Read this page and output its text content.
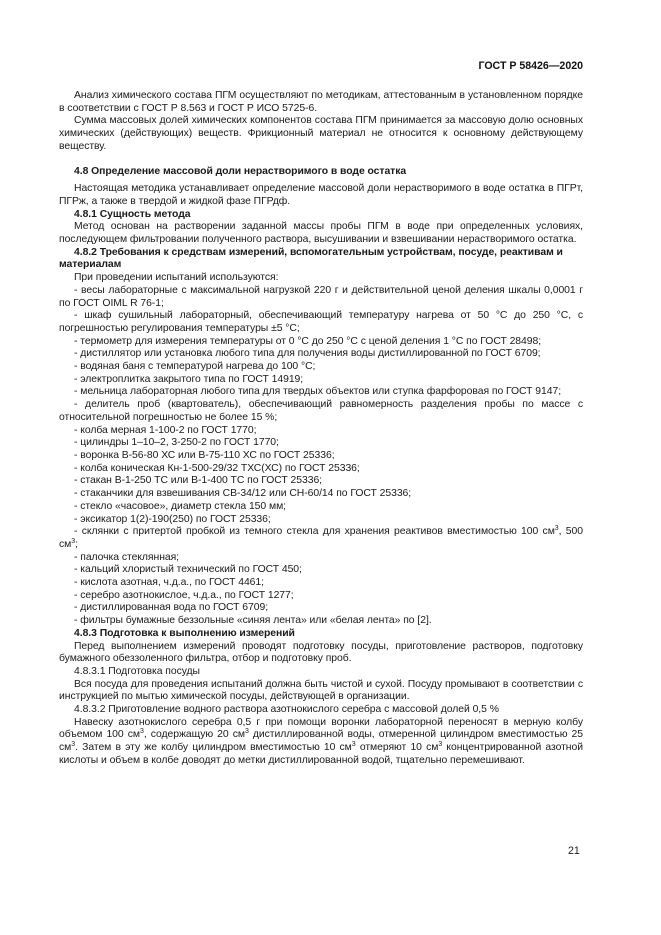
ГОСТ Р 58426—2020

Анализ химического состава ПГМ осуществляют по методикам, аттестованным в установленном порядке в соответствии с ГОСТ Р 8.563 и ГОСТ Р ИСО 5725-6.

Сумма массовых долей химических компонентов состава ПГМ принимается за массовую долю основных химических (действующих) веществ. Фрикционный материал не относится к основному действующему веществу.

4.8 Определение массовой доли нерастворимого в воде остатка

Настоящая методика устанавливает определение массовой доли нерастворимого в воде остатка в ПГРт, ПГРж, а также в твердой и жидкой фазе ПГРдф.

4.8.1 Сущность метода

Метод основан на растворении заданной массы пробы ПГМ в воде при определенных условиях, последующем фильтровании полученного раствора, высушивании и взвешивании нерастворимого остатка.

4.8.2 Требования к средствам измерений, вспомогательным устройствам, посуде, реактивам и материалам

При проведении испытаний используются:

- весы лабораторные с максимальной нагрузкой 220 г и действительной ценой деления шкалы 0,0001 г по ГОСТ OIML R 76-1;

- шкаф сушильный лабораторный, обеспечивающий температуру нагрева от 50 °С до 250 °С, с погрешностью регулирования температуры ±5 °С;

- термометр для измерения температуры от 0 °С до 250 °С с ценой деления 1 °С по ГОСТ 28498;

- дистиллятор или установка любого типа для получения воды дистиллированной по ГОСТ 6709;

- водяная баня с температурой нагрева до 100 °С;

- электроплитка закрытого типа по ГОСТ 14919;

- мельница лабораторная любого типа для твердых объектов или ступка фарфоровая по ГОСТ 9147;

- делитель проб (квартователь), обеспечивающий равномерность разделения пробы по массе с относительной погрешностью не более 15 %;

- колба мерная 1-100-2 по ГОСТ 1770;

- цилиндры 1–10–2, 3-250-2 по ГОСТ 1770;

- воронка В-56-80 ХС или В-75-110 ХС по ГОСТ 25336;

- колба коническая Кн-1-500-29/32 ТХС(ХС) по ГОСТ 25336;

- стакан В-1-250 ТС или В-1-400 ТС по ГОСТ 25336;

- стаканчики для взвешивания СВ-34/12 или СН-60/14 по ГОСТ 25336;

- стекло «часовое», диаметр стекла 150 мм;

- эксикатор 1(2)-190(250) по ГОСТ 25336;

- склянки с притертой пробкой из темного стекла для хранения реактивов вместимостью 100 $см^3$, 500 $см^3$;

- палочка стеклянная;

- кальций хлористый технический по ГОСТ 450;

- кислота азотная, ч.д.а., по ГОСТ 4461;

- серебро азотнокислое, ч.д.а., по ГОСТ 1277;

- дистиллированная вода по ГОСТ 6709;

- фильтры бумажные беззольные «синяя лента» или «белая лента» по [2].

4.8.3 Подготовка к выполнению измерений

Перед выполнением измерений проводят подготовку посуды, приготовление растворов, подготовку бумажного обеззоленного фильтра, отбор и подготовку проб.

4.8.3.1 Подготовка посуды

Вся посуда для проведения испытаний должна быть чистой и сухой. Посуду промывают в соответствии с инструкцией по мытью химической посуды, действующей в организации.

4.8.3.2 Приготовление водного раствора азотнокислого серебра с массовой долей 0,5 %

Навеску азотнокислого серебра 0,5 г при помощи воронки лабораторной переносят в мерную колбу объемом 100 $см^3$, содержащую 20 $см^3$ дистиллированной воды, отмеренной цилиндром вместимостью 25 $см^3$. Затем в эту же колбу цилиндром вместимостью 10 $см^3$ отмеряют 10 $см^3$ концентрированной азотной кислоты и объем в колбе доводят до метки дистиллированной водой, тщательно перемешивают.

21
